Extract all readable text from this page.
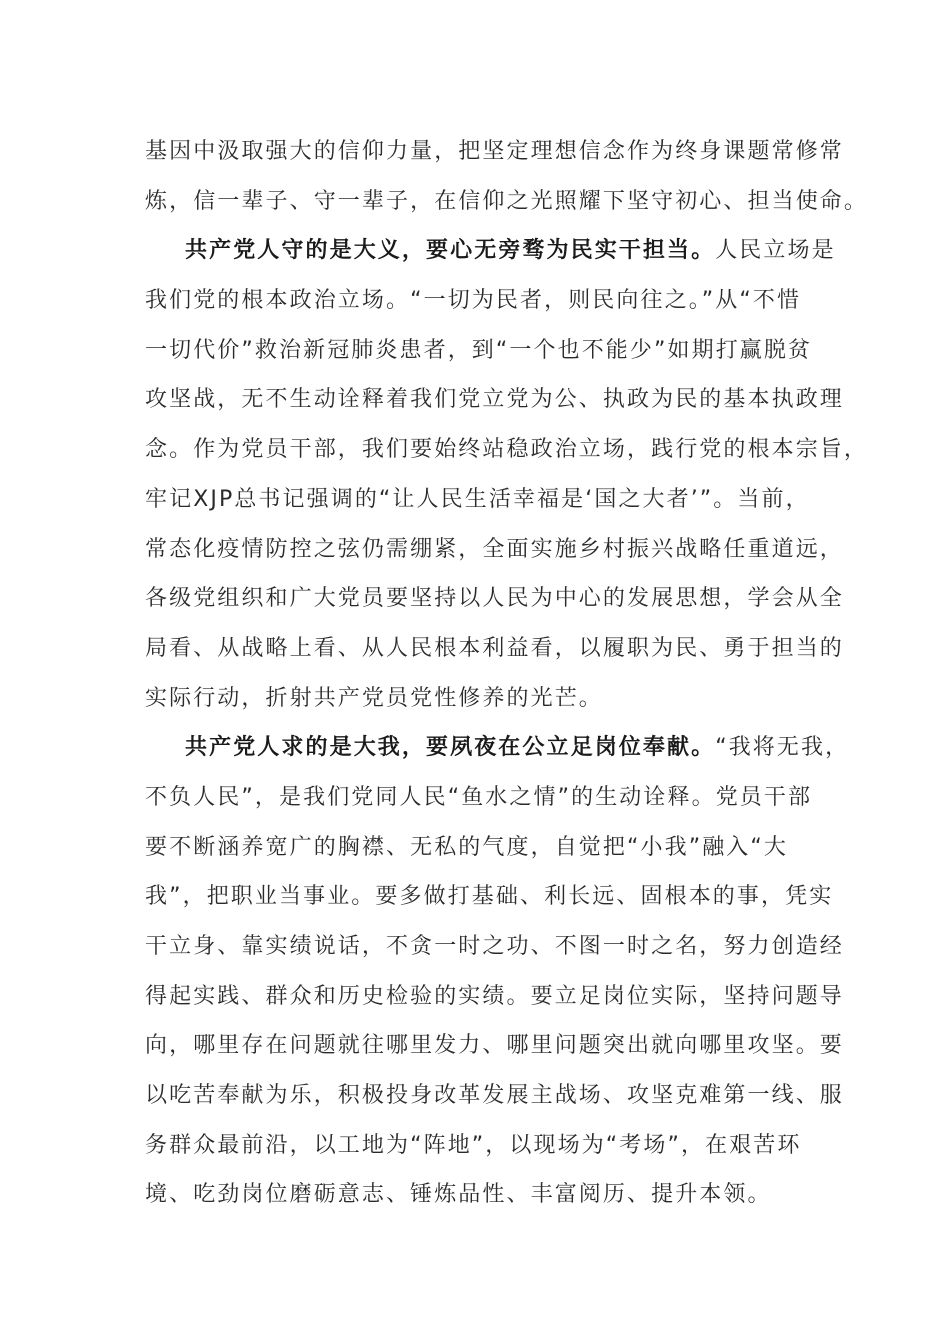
基因中汲取强大的信仰力量，把坚定理想信念作为终身课题常修常
炼，信一辈子、守一辈子，在信仰之光照耀下坚守初心、担当使命。
共产党人守的是大义，要心无旁骛为民实干担当。人民立场是
我们党的根本政治立场。“一切为民者，则民向往之。”从“不惜
一切代价”救治新冠肺炎患者，到“一个也不能少”如期打赢脱贫
攻坚战，无不生动诠释着我们党立党为公、执政为民的基本执政理
念。作为党员干部，我们要始终站稳政治立场，践行党的根本宗旨，
牢记XJP总书记强调的“让人民生活幸福是‘国之大者’”。当前，
常态化疫情防控之弦仍需绷紧，全面实施乡村振兴战略任重道远，
各级党组织和广大党员要坚持以人民为中心的发展思想，学会从全
局看、从战略上看、从人民根本利益看，以履职为民、勇于担当的
实际行动，折射共产党员党性修养的光芒。
共产党人求的是大我，要夙夜在公立足岗位奉献。“我将无我，
不负人民”，是我们党同人民“鱼水之情”的生动诠释。党员干部
要不断涵养宽广的胸襟、无私的气度，自觉把“小我”融入“大
我”，把职业当事业。要多做打基础、利长远、固根本的事，凭实
干立身、靠实绩说话，不贪一时之功、不图一时之名，努力创造经
得起实践、群众和历史检验的实绩。要立足岗位实际，坚持问题导
向，哪里存在问题就往哪里发力、哪里问题突出就向哪里攻坚。要
以吃苦奉献为乐，积极投身改革发展主战场、攻坚克难第一线、服
务群众最前沿，以工地为“阵地”，以现场为“考场”，在艰苦环
境、吃劲岗位磨砺意志、锤炼品性、丰富阅历、提升本领。
